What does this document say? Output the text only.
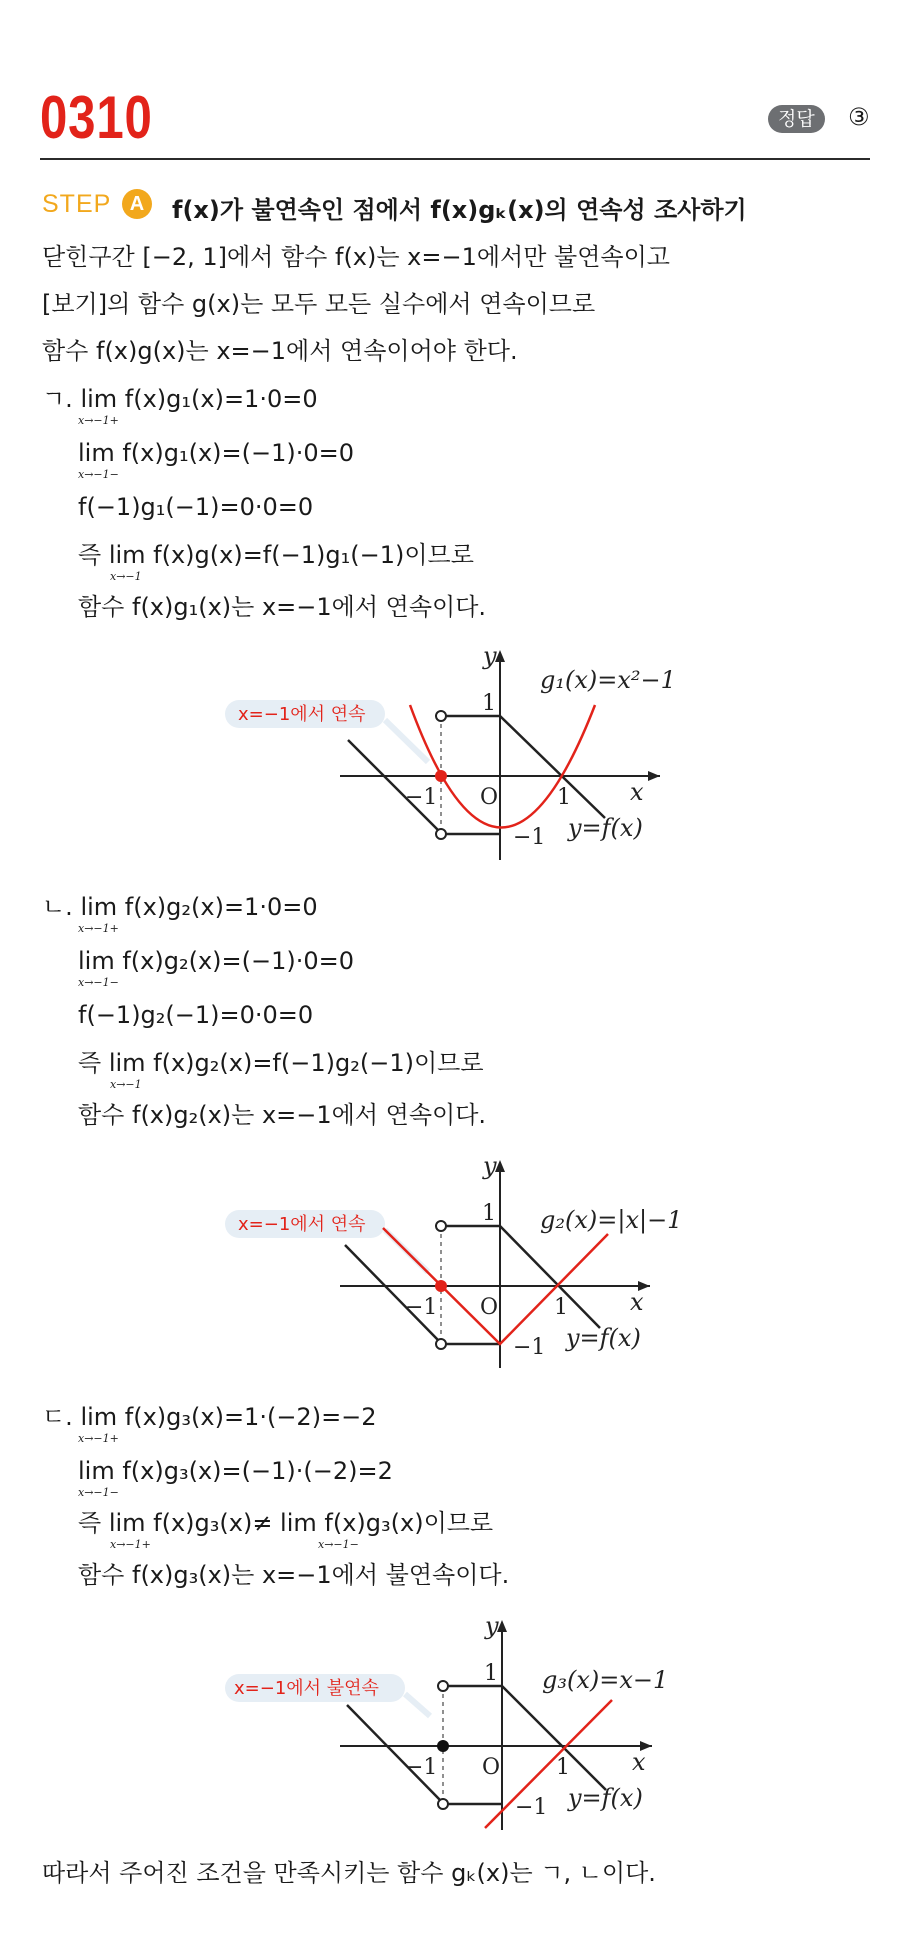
0310	정답	③
STEP A	f(x)가 불연속인 점에서 f(x)gₖ(x)의 연속성 조사하기
닫힌구간 [−2, 1]에서 함수 f(x)는 x=−1에서만 불연속이고
[보기]의 함수 g(x)는 모두 모든 실수에서 연속이므로
함수 f(x)g(x)는 x=−1에서 연속이어야 한다.
ㄱ. lim f(x)g₁(x)=1·0=0
x→−1+
lim f(x)g₁(x)=(−1)·0=0
x→−1−
f(−1)g₁(−1)=0·0=0
즉 lim f(x)g(x)=f(−1)g₁(−1)이므로
x→−1
함수 f(x)g₁(x)는 x=−1에서 연속이다.
x=−1에서 연속
y
x
O
1
−1	1
−1
g₁(x)=x²−1
y=f(x)
ㄴ. lim f(x)g₂(x)=1·0=0
x→−1+
lim f(x)g₂(x)=(−1)·0=0
x→−1−
f(−1)g₂(−1)=0·0=0
즉 lim f(x)g₂(x)=f(−1)g₂(−1)이므로
x→−1
함수 f(x)g₂(x)는 x=−1에서 연속이다.
x=−1에서 연속
y
x
O
1
−1	1
−1
g₂(x)=|x|−1
y=f(x)
ㄷ. lim f(x)g₃(x)=1·(−2)=−2
x→−1+
lim f(x)g₃(x)=(−1)·(−2)=2
x→−1−
즉 lim f(x)g₃(x)≠ lim f(x)g₃(x)이므로
x→−1+	x→−1−
함수 f(x)g₃(x)는 x=−1에서 불연속이다.
x=−1에서 불연속
y
x
O
1
−1	1
−1
g₃(x)=x−1
y=f(x)
따라서 주어진 조건을 만족시키는 함수 gₖ(x)는 ㄱ, ㄴ이다.
